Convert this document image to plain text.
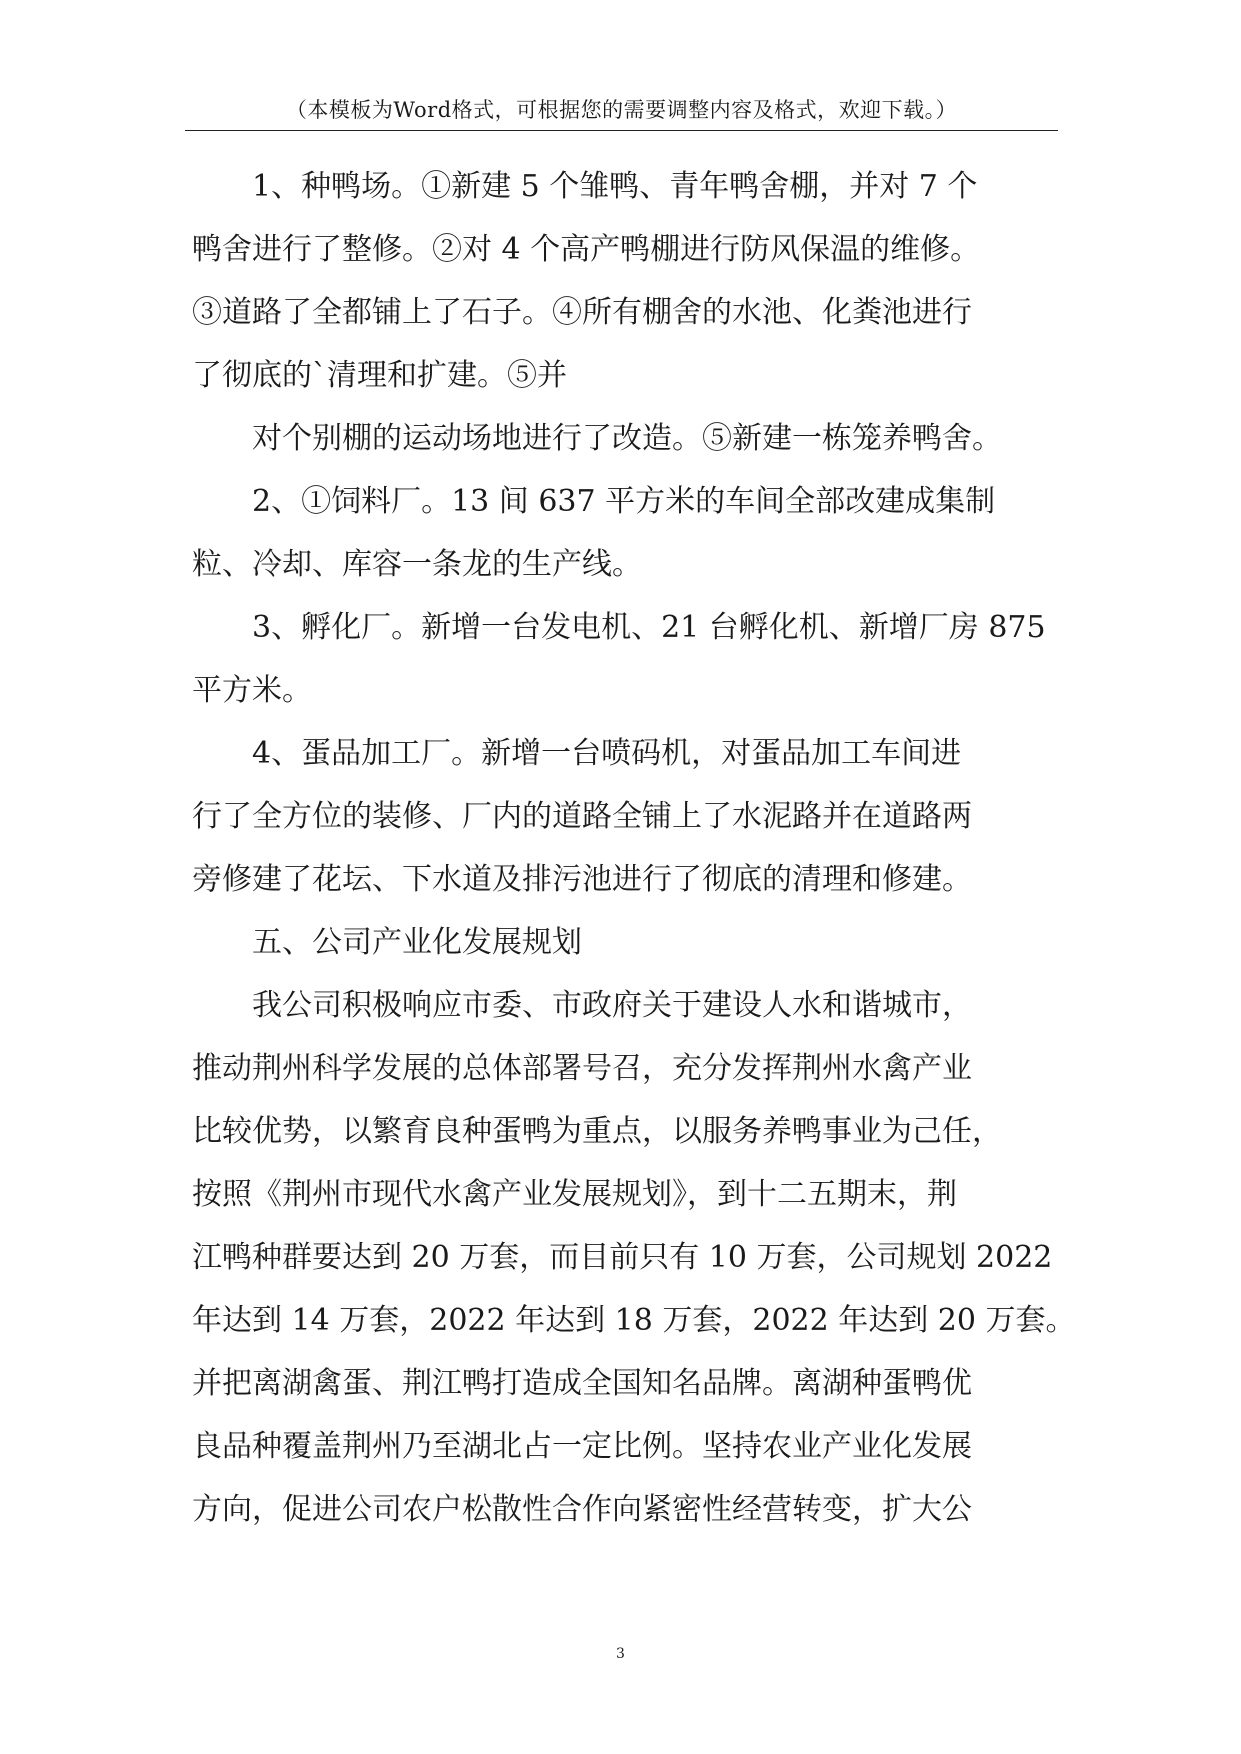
（本模板为Word格式，可根据您的需要调整内容及格式，欢迎下载。）
　　1、种鸭场。①新建 5 个雏鸭、青年鸭舍棚，并对 7 个
鸭舍进行了整修。②对 4 个高产鸭棚进行防风保温的维修。
③道路了全都铺上了石子。④所有棚舍的水池、化粪池进行
了彻底的`清理和扩建。⑤并
　　对个别棚的运动场地进行了改造。⑤新建一栋笼养鸭舍。
　　2、①饲料厂。13 间 637 平方米的车间全部改建成集制
粒、冷却、库容一条龙的生产线。
　　3、孵化厂。新增一台发电机、21 台孵化机、新增厂房 875
平方米。
　　4、蛋品加工厂。新增一台喷码机，对蛋品加工车间进
行了全方位的装修、厂内的道路全铺上了水泥路并在道路两
旁修建了花坛、下水道及排污池进行了彻底的清理和修建。
　　五、公司产业化发展规划
　　我公司积极响应市委、市政府关于建设人水和谐城市，
推动荆州科学发展的总体部署号召，充分发挥荆州水禽产业
比较优势，以繁育良种蛋鸭为重点，以服务养鸭事业为己任，
按照《荆州市现代水禽产业发展规划》，到十二五期末，荆
江鸭种群要达到 20 万套，而目前只有 10 万套，公司规划 2022
年达到 14 万套，2022 年达到 18 万套，2022 年达到 20 万套。
并把离湖禽蛋、荆江鸭打造成全国知名品牌。离湖种蛋鸭优
良品种覆盖荆州乃至湖北占一定比例。坚持农业产业化发展
方向，促进公司农户松散性合作向紧密性经营转变，扩大公
3
